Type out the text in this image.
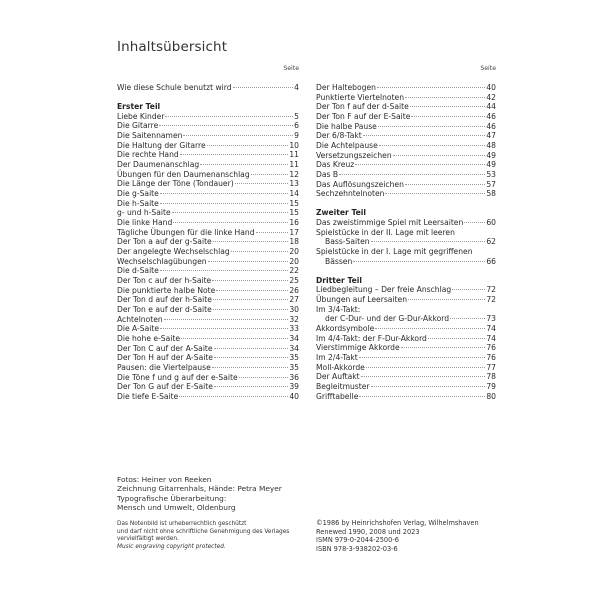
Inhaltsübersicht
Seite
Wie diese Schule benutzt wird	4
Erster Teil
Liebe Kinder	5
Die Gitarre	6
Die Saitennamen	9
Die Haltung der Gitarre	10
Die rechte Hand	11
Der Daumenanschlag	11
Übungen für den Daumenanschlag	12
Die Länge der Töne (Tondauer)	13
Die g-Saite	14
Die h-Saite	15
g- und h-Saite	15
Die linke Hand	16
Tägliche Übungen für die linke Hand	17
Der Ton a auf der g-Saite	18
Der angelegte Wechselschlag	20
Wechselschlagübungen	20
Die d-Saite	22
Der Ton c auf der h-Saite	25
Die punktierte halbe Note	26
Der Ton d auf der h-Saite	27
Der Ton e auf der d-Saite	30
Achtelnoten	32
Die A-Saite	33
Die hohe e-Saite	34
Der Ton C auf der A-Saite	34
Der Ton H auf der A-Saite	35
Pausen: die Viertelpause	35
Die Töne f und g auf der e-Saite	36
Der Ton G auf der E-Saite	39
Die tiefe E-Saite	40
Seite
Der Haltebogen	40
Punktierte Viertelnoten	42
Der Ton f auf der d-Saite	44
Der Ton F auf der E-Saite	46
Die halbe Pause	46
Der 6/8-Takt	47
Die Achtelpause	48
Versetzungszeichen	49
Das Kreuz	49
Das B	53
Das Auflösungszeichen	57
Sechzehntelnoten	58
Zweiter Teil
Das zweistimmige Spiel mit Leersaiten	60
Spielstücke in der II. Lage mit leeren
Bass-Saiten	62
Spielstücke in der I. Lage mit gegriffenen
Bässen	66
Dritter Teil
Liedbegleitung – Der freie Anschlag	72
Übungen auf Leersaiten	72
Im 3/4-Takt:
der C-Dur- und der G-Dur-Akkord	73
Akkordsymbole	74
Im 4/4-Takt: der F-Dur-Akkord	74
Vierstimmige Akkorde	76
Im 2/4-Takt	76
Moll-Akkorde	77
Der Auftakt	78
Begleitmuster	79
Grifftabelle	80
Fotos: Heiner von Reeken
Zeichnung Gitarrenhals, Hände: Petra Meyer
Typografische Überarbeitung:
Mensch und Umwelt, Oldenburg
Das Notenbild ist urheberrechtlich geschützt
und darf nicht ohne schriftliche Genehmigung des Verlages
vervielfältigt werden.
Music engraving copyright protected.
©1986 by Heinrichshofen Verlag, Wilhelmshaven
Renewed 1990, 2008 und 2023
ISMN 979-0-2044-2500-6
ISBN 978-3-938202-03-6
